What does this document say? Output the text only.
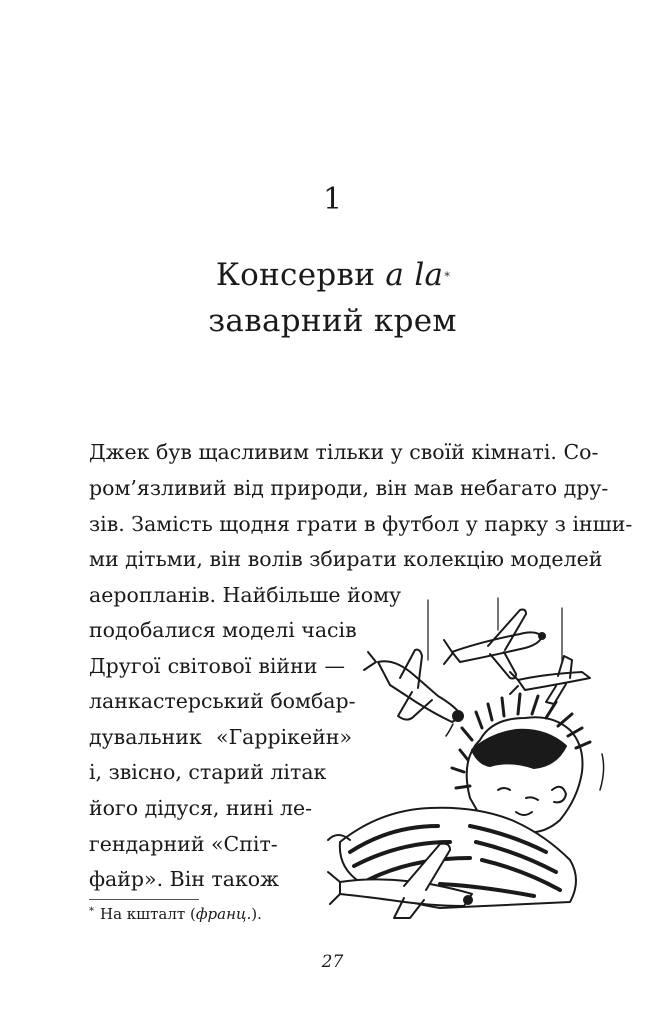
1
Консерви a la*
заварний крем
Джек був щасливим тільки у своїй кімнаті. Со-
ром’язливий від природи, він мав небагато дру-
зів. Замість щодня грати в футбол у парку з інши-
ми дітьми, він волів збирати колекцію моделей
аеропланів. Найбільше йому
подобалися моделі часів
Другої світової війни —
ланкастерський бомбар-
дувальник «Гаррікейн»
і, звісно, старий літак
його дідуся, нині ле-
гендарний «Спіт-
файр». Він також
* На кшталт (франц.).
27
